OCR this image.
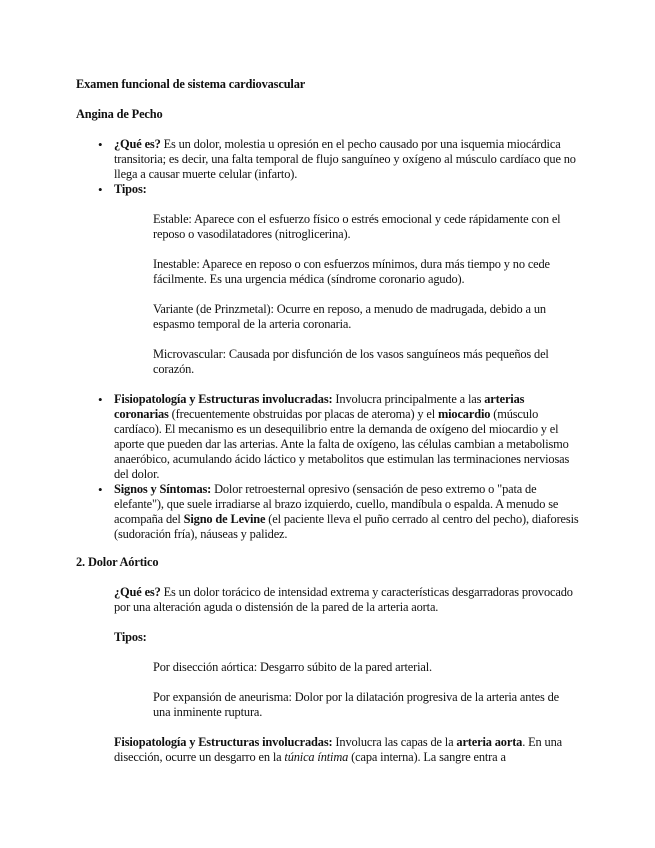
Examen funcional de sistema cardiovascular

Angina de Pecho

• ¿Qué es? Es un dolor, molestia u opresión en el pecho causado por una isquemia miocárdica transitoria; es decir, una falta temporal de flujo sanguíneo y oxígeno al músculo cardíaco que no llega a causar muerte celular (infarto).
• Tipos:

Estable: Aparece con el esfuerzo físico o estrés emocional y cede rápidamente con el reposo o vasodilatadores (nitroglicerina).

Inestable: Aparece en reposo o con esfuerzos mínimos, dura más tiempo y no cede fácilmente. Es una urgencia médica (síndrome coronario agudo).

Variante (de Prinzmetal): Ocurre en reposo, a menudo de madrugada, debido a un espasmo temporal de la arteria coronaria.

Microvascular: Causada por disfunción de los vasos sanguíneos más pequeños del corazón.

• Fisiopatología y Estructuras involucradas: Involucra principalmente a las arterias coronarias (frecuentemente obstruidas por placas de ateroma) y el miocardio (músculo cardíaco). El mecanismo es un desequilibrio entre la demanda de oxígeno del miocardio y el aporte que pueden dar las arterias. Ante la falta de oxígeno, las células cambian a metabolismo anaeróbico, acumulando ácido láctico y metabolitos que estimulan las terminaciones nerviosas del dolor.
• Signos y Síntomas: Dolor retroesternal opresivo (sensación de peso extremo o "pata de elefante"), que suele irradiarse al brazo izquierdo, cuello, mandíbula o espalda. A menudo se acompaña del Signo de Levine (el paciente lleva el puño cerrado al centro del pecho), diaforesis (sudoración fría), náuseas y palidez.

2. Dolor Aórtico

¿Qué es? Es un dolor torácico de intensidad extrema y características desgarradoras provocado por una alteración aguda o distensión de la pared de la arteria aorta.

Tipos:

Por disección aórtica: Desgarro súbito de la pared arterial.

Por expansión de aneurisma: Dolor por la dilatación progresiva de la arteria antes de una inminente ruptura.

Fisiopatología y Estructuras involucradas: Involucra las capas de la arteria aorta. En una disección, ocurre un desgarro en la túnica íntima (capa interna). La sangre entra a
